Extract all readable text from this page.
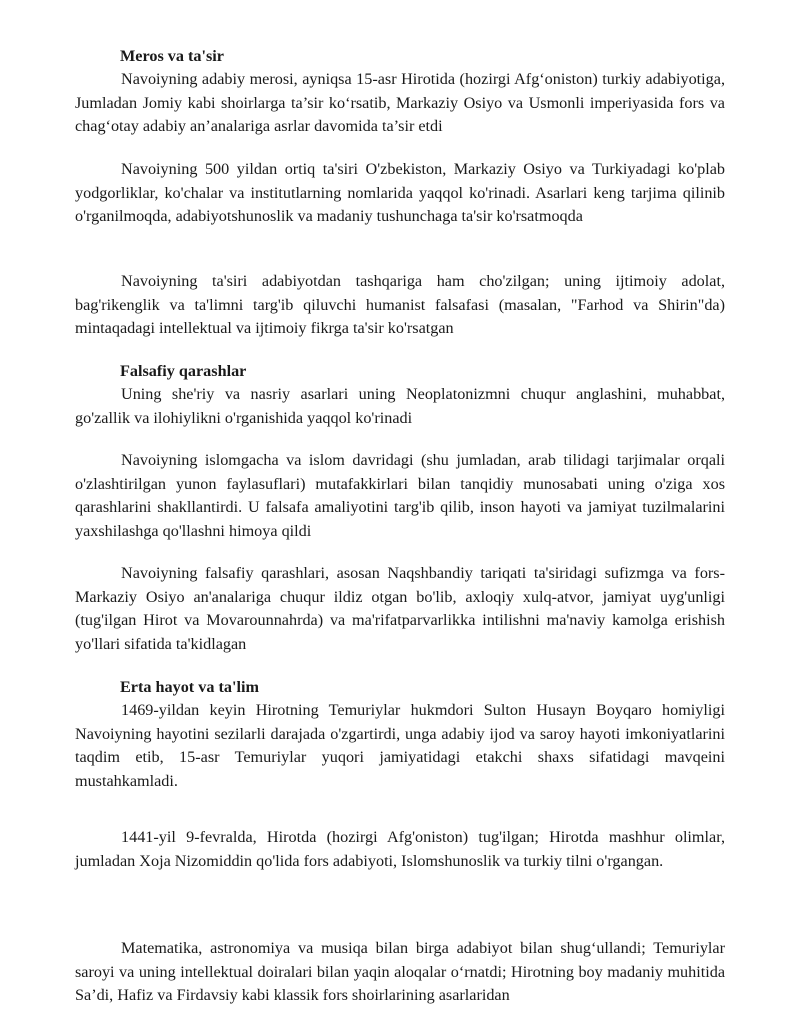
Meros va ta'sir

Navoiyning adabiy merosi, ayniqsa 15-asr Hirotida (hozirgi Afg‘oniston) turkiy adabiyotiga, Jumladan Jomiy kabi shoirlarga ta’sir ko‘rsatib, Markaziy Osiyo va Usmonli imperiyasida fors va chag‘otay adabiy an’analariga asrlar davomida ta’sir etdi

Navoiyning 500 yildan ortiq ta'siri O'zbekiston, Markaziy Osiyo va Turkiyadagi ko'plab yodgorliklar, ko'chalar va institutlarning nomlarida yaqqol ko'rinadi. Asarlari keng tarjima qilinib o'rganilmoqda, adabiyotshunoslik va madaniy tushunchaga ta'sir ko'rsatmoqda

Navoiyning ta'siri adabiyotdan tashqariga ham cho'zilgan; uning ijtimoiy adolat, bag'rikenglik va ta'limni targ'ib qiluvchi humanist falsafasi (masalan, "Farhod va Shirin"da) mintaqadagi intellektual va ijtimoiy fikrga ta'sir ko'rsatgan

Falsafiy qarashlar

Uning she'riy va nasriy asarlari uning Neoplatonizmni chuqur anglashini, muhabbat, go'zallik va ilohiylikni o'rganishida yaqqol ko'rinadi

Navoiyning islomgacha va islom davridagi (shu jumladan, arab tilidagi tarjimalar orqali o'zlashtirilgan yunon faylasuflari) mutafakkirlari bilan tanqidiy munosabati uning o'ziga xos qarashlarini shakllantirdi. U falsafa amaliyotini targ'ib qilib, inson hayoti va jamiyat tuzilmalarini yaxshilashga qo'llashni himoya qildi

Navoiyning falsafiy qarashlari, asosan Naqshbandiy tariqati ta'siridagi sufizmga va fors-Markaziy Osiyo an'analariga chuqur ildiz otgan bo'lib, axloqiy xulq-atvor, jamiyat uyg'unligi (tug'ilgan Hirot va Movarounnahrda) va ma'rifatparvarlikka intilishni ma'naviy kamolga erishish yo'llari sifatida ta'kidlagan

Erta hayot va ta'lim

1469-yildan keyin Hirotning Temuriylar hukmdori Sulton Husayn Boyqaro homiyligi Navoiyning hayotini sezilarli darajada o'zgartirdi, unga adabiy ijod va saroy hayoti imkoniyatlarini taqdim etib, 15-asr Temuriylar yuqori jamiyatidagi etakchi shaxs sifatidagi mavqeini mustahkamladi.

1441-yil 9-fevralda, Hirotda (hozirgi Afg'oniston) tug'ilgan; Hirotda mashhur olimlar, jumladan Xoja Nizomiddin qo'lida fors adabiyoti, Islomshunoslik va turkiy tilni o'rgangan.

Matematika, astronomiya va musiqa bilan birga adabiyot bilan shug‘ullandi; Temuriylar saroyi va uning intellektual doiralari bilan yaqin aloqalar o‘rnatdi; Hirotning boy madaniy muhitida Sa’di, Hafiz va Firdavsiy kabi klassik fors shoirlarining asarlaridan
